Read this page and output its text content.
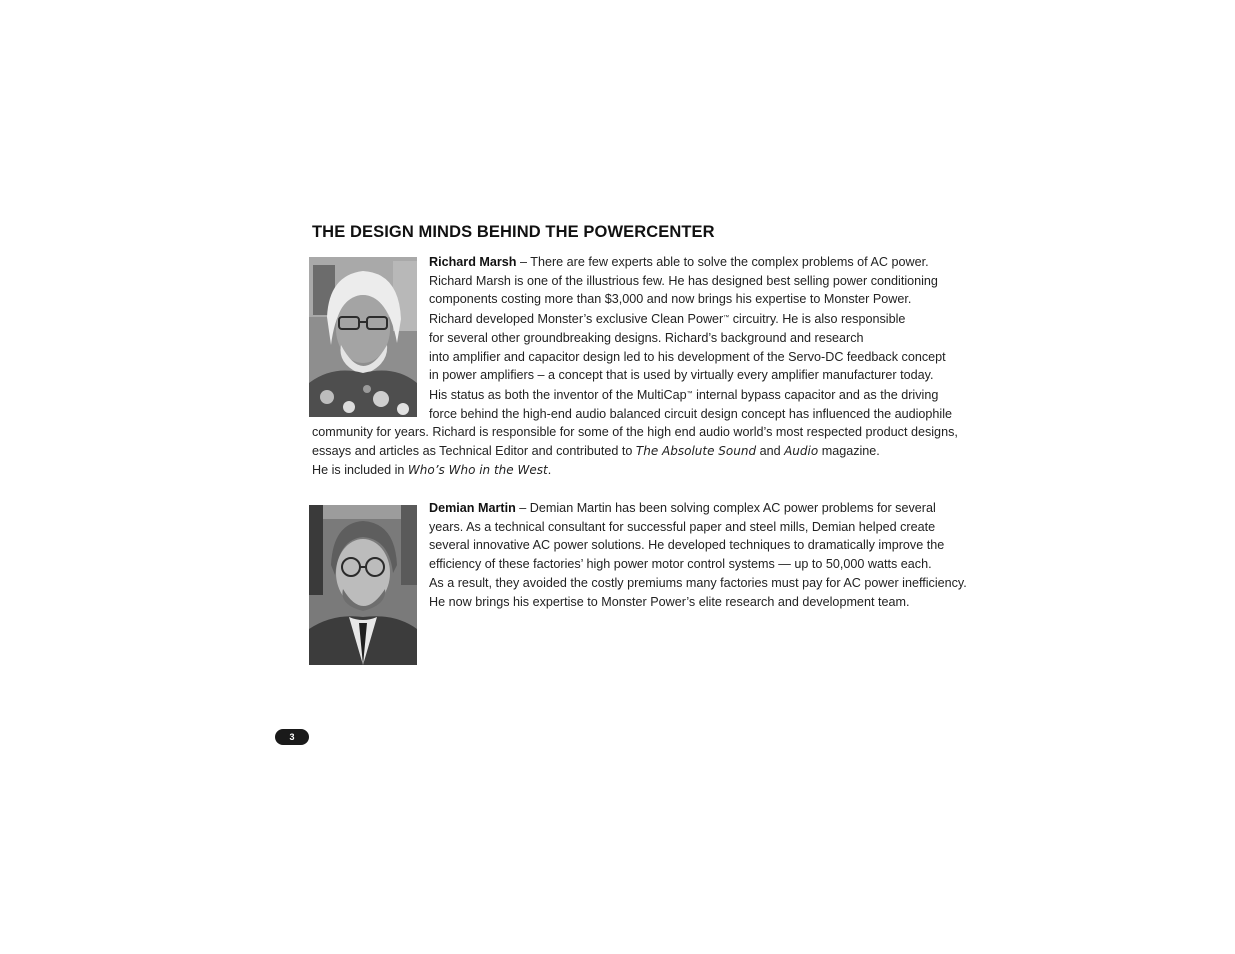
THE DESIGN MINDS BEHIND THE POWERCENTER
Richard Marsh – There are few experts able to solve the complex problems of AC power.
Richard Marsh is one of the illustrious few. He has designed best selling power conditioning
components costing more than $3,000 and now brings his expertise to Monster Power.
Richard developed Monster’s exclusive Clean Power™ circuitry. He is also responsible
for several other groundbreaking designs. Richard’s background and research
into amplifier and capacitor design led to his development of the Servo-DC feedback concept
in power amplifiers – a concept that is used by virtually every amplifier manufacturer today.
His status as both the inventor of the MultiCap™ internal bypass capacitor and as the driving
force behind the high-end audio balanced circuit design concept has influenced the audiophile
community for years. Richard is responsible for some of the high end audio world’s most respected product designs,
essays and articles as Technical Editor and contributed to The Absolute Sound and Audio magazine.
He is included in Who’s Who in the West.
Demian Martin – Demian Martin has been solving complex AC power problems for several
years. As a technical consultant for successful paper and steel mills, Demian helped create
several innovative AC power solutions. He developed techniques to dramatically improve the
efficiency of these factories’ high power motor control systems — up to 50,000 watts each.
As a result, they avoided the costly premiums many factories must pay for AC power inefficiency.
He now brings his expertise to Monster Power’s elite research and development team.
3
